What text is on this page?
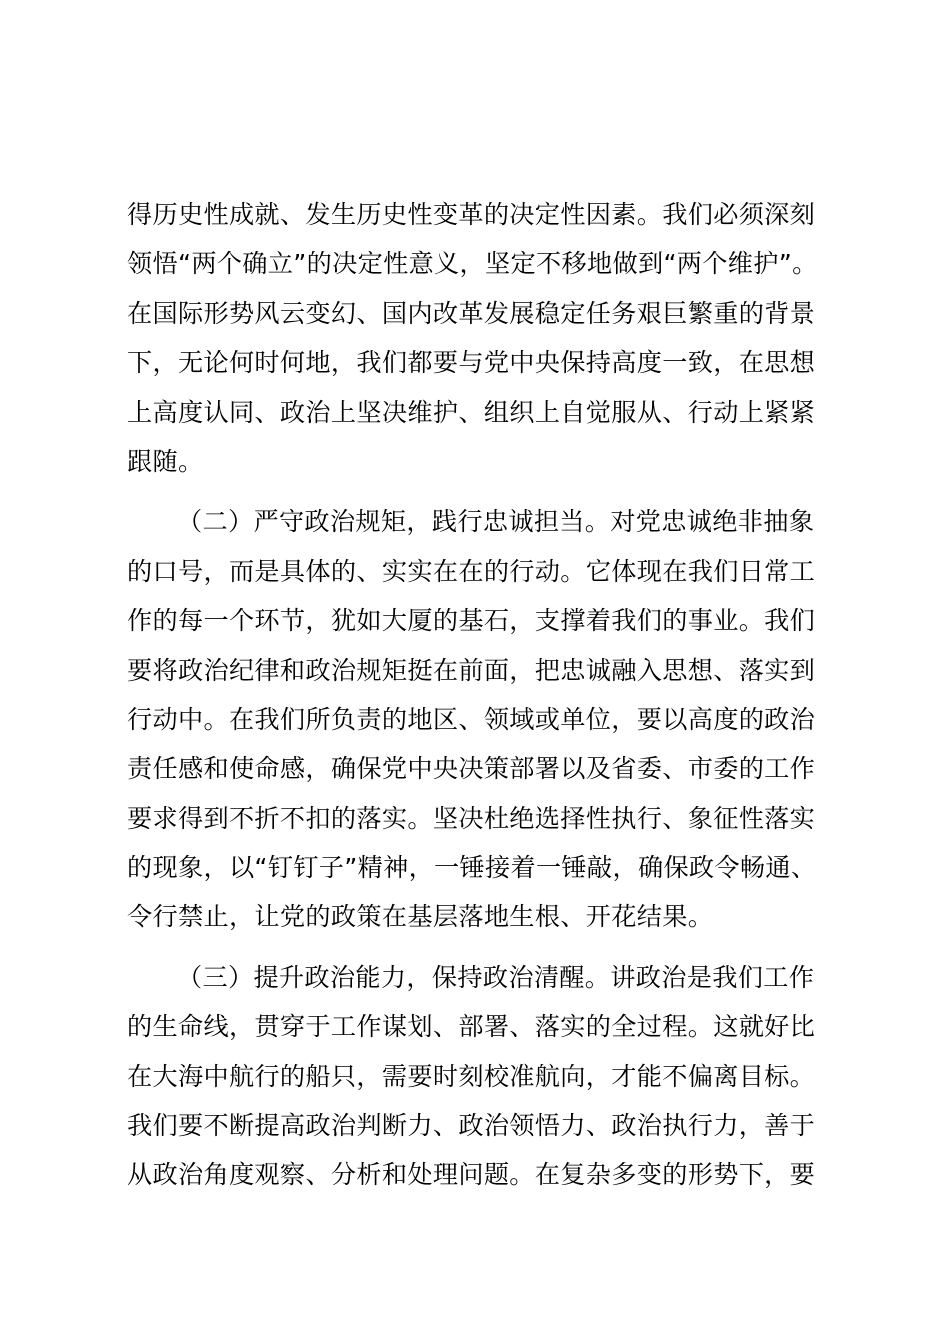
得历史性成就、发生历史性变革的决定性因素。我们必须深刻
领悟“两个确立”的决定性意义，坚定不移地做到“两个维护”。
在国际形势风云变幻、国内改革发展稳定任务艰巨繁重的背景
下，无论何时何地，我们都要与党中央保持高度一致，在思想
上高度认同、政治上坚决维护、组织上自觉服从、行动上紧紧
跟随。
（二）严守政治规矩，践行忠诚担当。对党忠诚绝非抽象
的口号，而是具体的、实实在在的行动。它体现在我们日常工
作的每一个环节，犹如大厦的基石，支撑着我们的事业。我们
要将政治纪律和政治规矩挺在前面，把忠诚融入思想、落实到
行动中。在我们所负责的地区、领域或单位，要以高度的政治
责任感和使命感，确保党中央决策部署以及省委、市委的工作
要求得到不折不扣的落实。坚决杜绝选择性执行、象征性落实
的现象，以“钉钉子”精神，一锤接着一锤敲，确保政令畅通、
令行禁止，让党的政策在基层落地生根、开花结果。
（三）提升政治能力，保持政治清醒。讲政治是我们工作
的生命线，贯穿于工作谋划、部署、落实的全过程。这就好比
在大海中航行的船只，需要时刻校准航向，才能不偏离目标。
我们要不断提高政治判断力、政治领悟力、政治执行力，善于
从政治角度观察、分析和处理问题。在复杂多变的形势下，要
